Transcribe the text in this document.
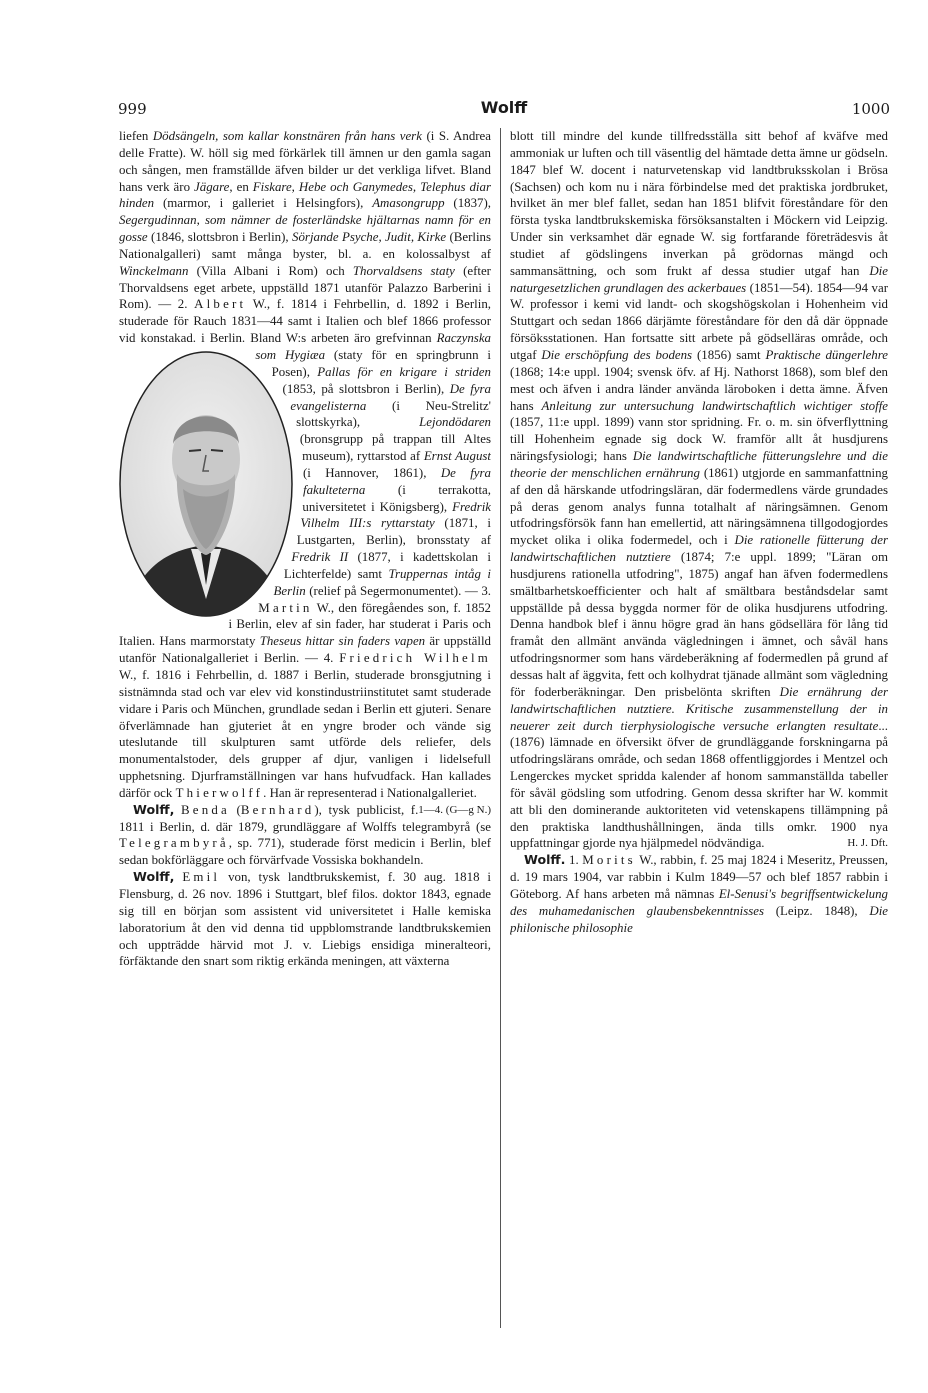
999	Wolff	1000

liefen Dödsängeln, som kallar konstnären från hans verk (i S. Andrea delle Fratte). W. höll sig med förkärlek till ämnen ur den gamla sagan och sången, men framställde äfven bilder ur det verkliga lifvet. Bland hans verk äro Jägare, en Fiskare, Hebe och Ganymedes, Telephus diar hinden (marmor, i galleriet i Helsingfors), Amasongrupp (1837), Segergudinnan, som nämner de fosterländske hjältarnas namn för en gosse (1846, slottsbron i Berlin), Sörjande Psyche, Judit, Kirke (Berlins Nationalgalleri) samt många byster, bl. a. en kolossalbyst af Winckelmann (Villa Albani i Rom) och Thorvaldsens staty (efter Thorvaldsens eget arbete, uppställd 1871 utanför Palazzo Barberini i Rom). — 2. Albert W., f. 1814 i Fehrbellin, d. 1892 i Berlin, studerade för Rauch 1831—44 samt i Italien och blef 1866 professor vid konstakad. i Berlin. Bland W:s arbeten äro grefvinnan
Raczynska som Hygiæa (staty för en springbrunn i Posen), Pallas för en krigare i striden (1853, på slottsbron i Berlin), De fyra evangelisterna (i Neu-Strelitz' slottskyrka), Lejondödaren (bronsgrupp på trappan till Altes museum), ryttarstod af Ernst August (i Hannover, 1861), De fyra fakulteterna (i terrakotta, universitetet i Königsberg), Fredrik Vilhelm III:s ryttarstaty (1871, i Lustgarten, Berlin), bronsstaty af Fredrik II (1877, i kadettskolan i Lichterfelde) samt Truppernas intåg i Berlin (relief på Segermonumentet). — 3. Martin W., den föregåendes son, f. 1852 i Berlin, elev af sin fader, har studerat i Paris och Italien. Hans marmorstaty Theseus hittar sin faders vapen är uppställd utanför Nationalgalleriet i Berlin. — 4. Friedrich Wilhelm W., f. 1816 i Fehrbellin, d. 1887 i Berlin, studerade bronsgjutning i sistnämnda stad och var elev vid konstindustriinstitutet samt studerade vidare i Paris och München, grundlade sedan i Berlin ett gjuteri. Senare öfverlämnade han gjuteriet åt en yngre broder och vände sig uteslutande till skulpturen samt utförde dels reliefer, dels monumentalstoder, dels grupper af djur, vanligen i lidelsefull upphetsning. Djurframställningen var hans hufvudfack. Han kallades därför ock Thierwolff. Han är representerad i Nationalgalleriet.
1—4. (G—g N.)

Wolff, Benda (Bernhard), tysk publicist, f. 1811 i Berlin, d. där 1879, grundläggare af Wolffs telegrambyrå (se Telegrambyrå, sp. 771), studerade först medicin i Berlin, blef sedan bokförläggare och förvärfvade Vossiska bokhandeln.

Wolff, Emil von, tysk landtbrukskemist, f. 30 aug. 1818 i Flensburg, d. 26 nov. 1896 i Stuttgart, blef filos. doktor 1843, egnade sig till en början som assistent vid universitetet i Halle kemiska laboratorium åt den vid denna tid uppblomstrande landtbrukskemien och uppträdde härvid mot J. v. Liebigs ensidiga mineralteori, förfäktande den snart som riktig erkända meningen, att växterna

blott till mindre del kunde tillfredsställa sitt behof af kväfve med ammoniak ur luften och till väsentlig del hämtade detta ämne ur gödseln. 1847 blef W. docent i naturvetenskap vid landtbruksskolan i Brösa (Sachsen) och kom nu i nära förbindelse med det praktiska jordbruket, hvilket än mer blef fallet, sedan han 1851 blifvit föreståndare för den första tyska landtbrukskemiska försöksanstalten i Möckern vid Leipzig. Under sin verksamhet där egnade W. sig fortfarande företrädesvis åt studiet af gödslingens inverkan på grödornas mängd och sammansättning, och som frukt af dessa studier utgaf han Die naturgesetzlichen grundlagen des ackerbaues (1851—54). 1854—94 var W. professor i kemi vid landt- och skogshögskolan i Hohenheim vid Stuttgart och sedan 1866 därjämte föreståndare för den då där öppnade försöksstationen. Han fortsatte sitt arbete på gödselläras område, och utgaf Die erschöpfung des bodens (1856) samt Praktische düngerlehre (1868; 14:e uppl. 1904; svensk öfv. af Hj. Nathorst 1868), som blef den mest och äfven i andra länder använda läroboken i detta ämne. Äfven hans Anleitung zur untersuchung landwirtschaftlich wichtiger stoffe (1857, 11:e uppl. 1899) vann stor spridning. Fr. o. m. sin öfverflyttning till Hohenheim egnade sig dock W. framför allt åt husdjurens näringsfysiologi; hans Die landwirtschaftliche fütterungslehre und die theorie der menschlichen ernährung (1861) utgjorde en sammanfattning af den då härskande utfodringsläran, där fodermedlens värde grundades på deras genom analys funna totalhalt af näringsämnen. Genom utfodringsförsök fann han emellertid, att näringsämnena tillgodogjordes mycket olika i olika fodermedel, och i Die rationelle fütterung der landwirtschaftlichen nutztiere (1874; 7:e uppl. 1899; "Läran om husdjurens rationella utfodring", 1875) angaf han äfven fodermedlens smältbarhetskoefficienter och halt af smältbara beståndsdelar samt uppställde på dessa byggda normer för de olika husdjurens utfodring. Denna handbok blef i ännu högre grad än hans gödsellära för lång tid framåt den allmänt använda vägledningen i ämnet, och såväl hans utfodringsnormer som hans värdeberäkning af fodermedlen på grund af dessas halt af äggvita, fett och kolhydrat tjänade allmänt som vägledning för foderberäkningar. Den prisbelönta skriften Die ernährung der landwirtschaftlichen nutztiere. Kritische zusammenstellung der in neuerer zeit durch tierphysiologische versuche erlangten resultate... (1876) lämnade en öfversikt öfver de grundläggande forskningarna på utfodringslärans område, och sedan 1868 offentliggjordes i Mentzel och Lengerckes mycket spridda kalender af honom sammanställda tabeller för såväl gödsling som utfodring. Genom dessa skrifter har W. kommit att bli den dominerande auktoriteten vid vetenskapens tillämpning på den praktiska landthushållningen, ända tills omkr. 1900 nya uppfattningar gjorde nya hjälpmedel nödvändiga.	H. J. Dft.

Wolff. 1. Morits W., rabbin, f. 25 maj 1824 i Meseritz, Preussen, d. 19 mars 1904, var rabbin i Kulm 1849—57 och blef 1857 rabbin i Göteborg. Af hans arbeten må nämnas El-Senusi's begriffsentwickelung des muhamedanischen glaubensbekenntnisses (Leipz. 1848), Die philonische philosophie
